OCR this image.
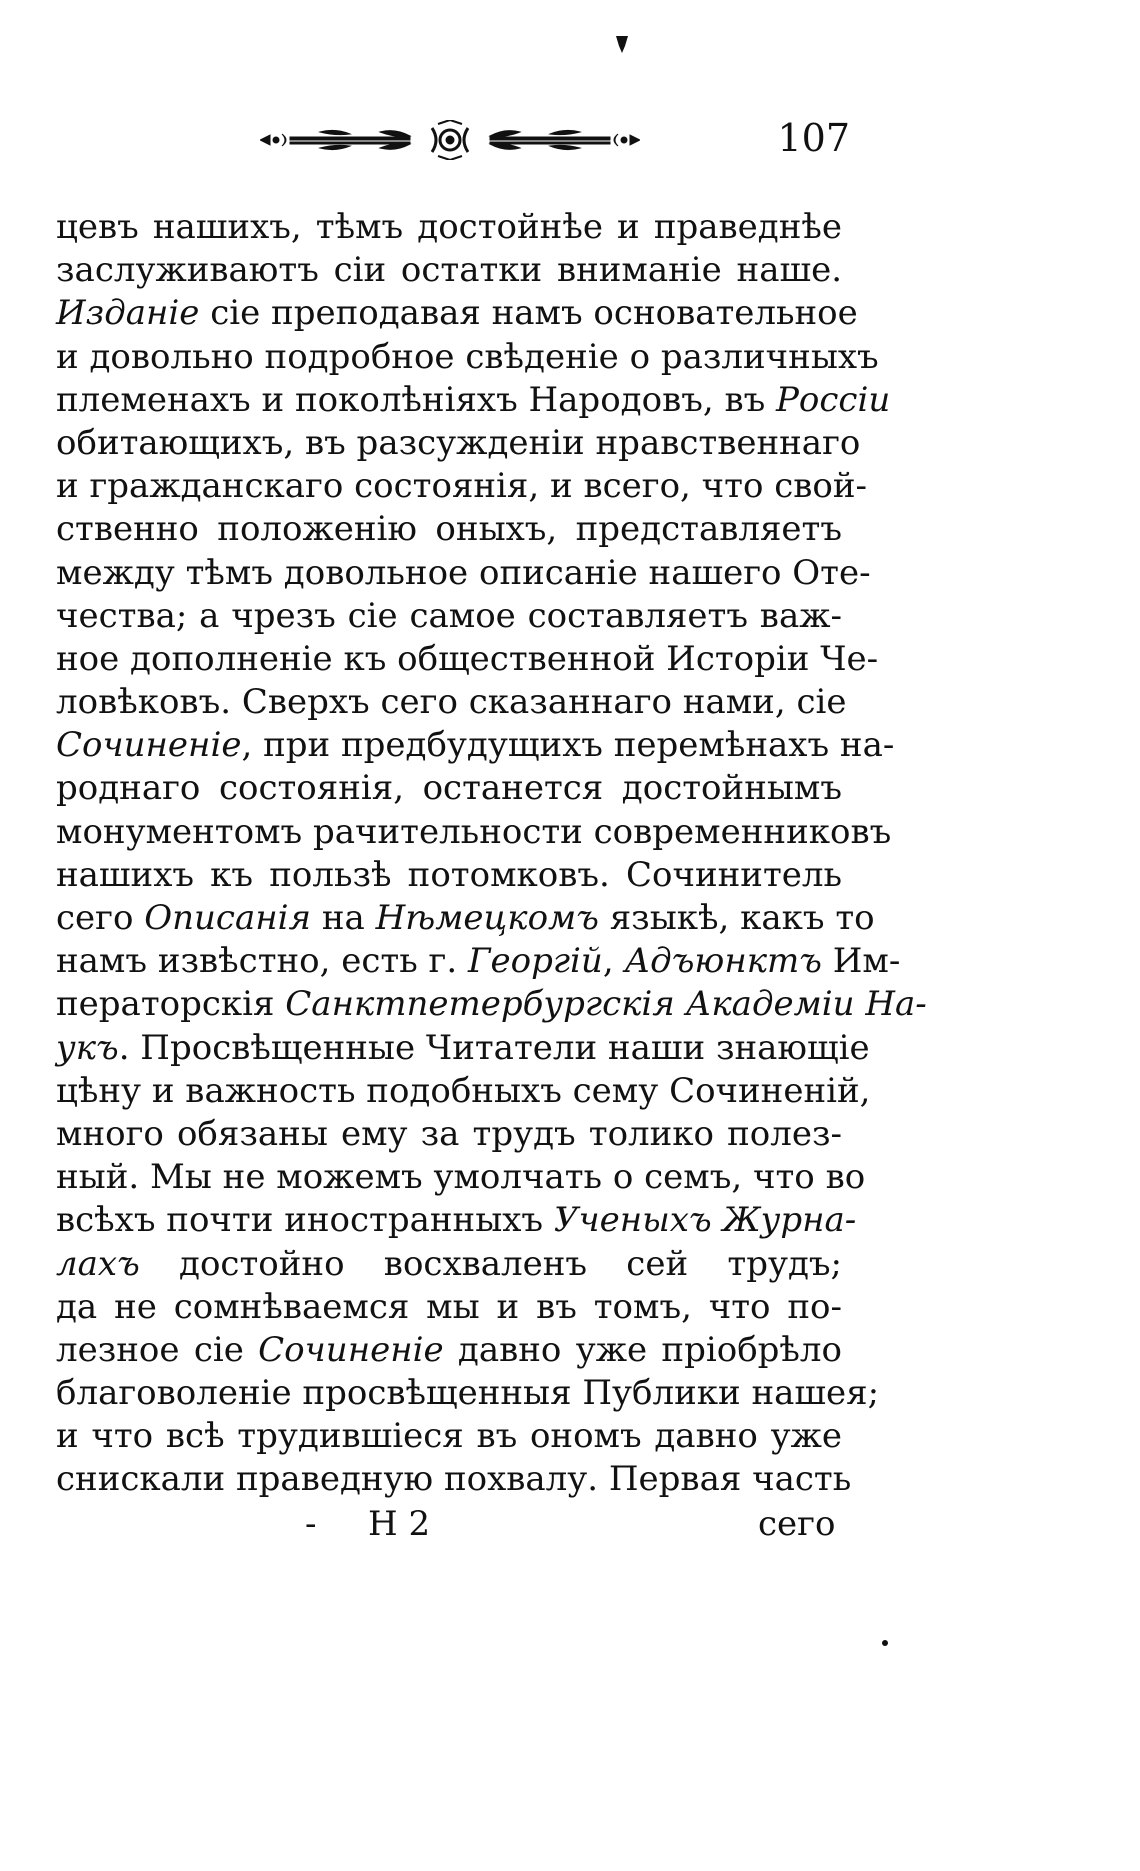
107
цевъ нашихъ, тѣмъ достойнѣе и праведнѣе
заслуживаютъ сіи остатки вниманіе наше.
Изданіе сіе преподавая намъ основательное
и довольно подробное свѣденіе о различныхъ
племенахъ и поколѣніяхъ Народовъ, въ Россіи
обитающихъ, въ разсужденіи нравственнаго
и гражданскаго состоянія, и всего, что свой-
ственно положенію оныхъ, представляетъ
между тѣмъ довольное описаніе нашего Оте-
чества; а чрезъ сіе самое составляетъ важ-
ное дополненіе къ общественной Исторіи Че-
ловѣковъ. Сверхъ сего сказаннаго нами, сіе
Сочиненіе, при предбудущихъ перемѣнахъ на-
роднаго состоянія, останется достойнымъ
монументомъ рачительности современниковъ
нашихъ къ пользѣ потомковъ. Сочинитель
сего Описанія на Нѣмецкомъ языкѣ, какъ то
намъ извѣстно, есть г. Георгій, Адъюнктъ Им-
ператорскія Санктпетербургскія Академіи На-
укъ. Просвѣщенные Читатели наши знающіе
цѣну и важность подобныхъ сему Сочиненій,
много обязаны ему за трудъ толико полез-
ный. Мы не можемъ умолчать о семъ, что во
всѣхъ почти иностранныхъ Ученыхъ Журна-
лахъ достойно восхваленъ сей трудъ;
да не сомнѣваемся мы и въ томъ, что по-
лезное сіе Сочиненіе давно уже пріобрѣло
благоволеніе просвѣщенныя Публики нашея;
и что всѣ трудившіеся въ ономъ давно уже
снискали праведную похвалу. Первая часть
- Н 2	сего
